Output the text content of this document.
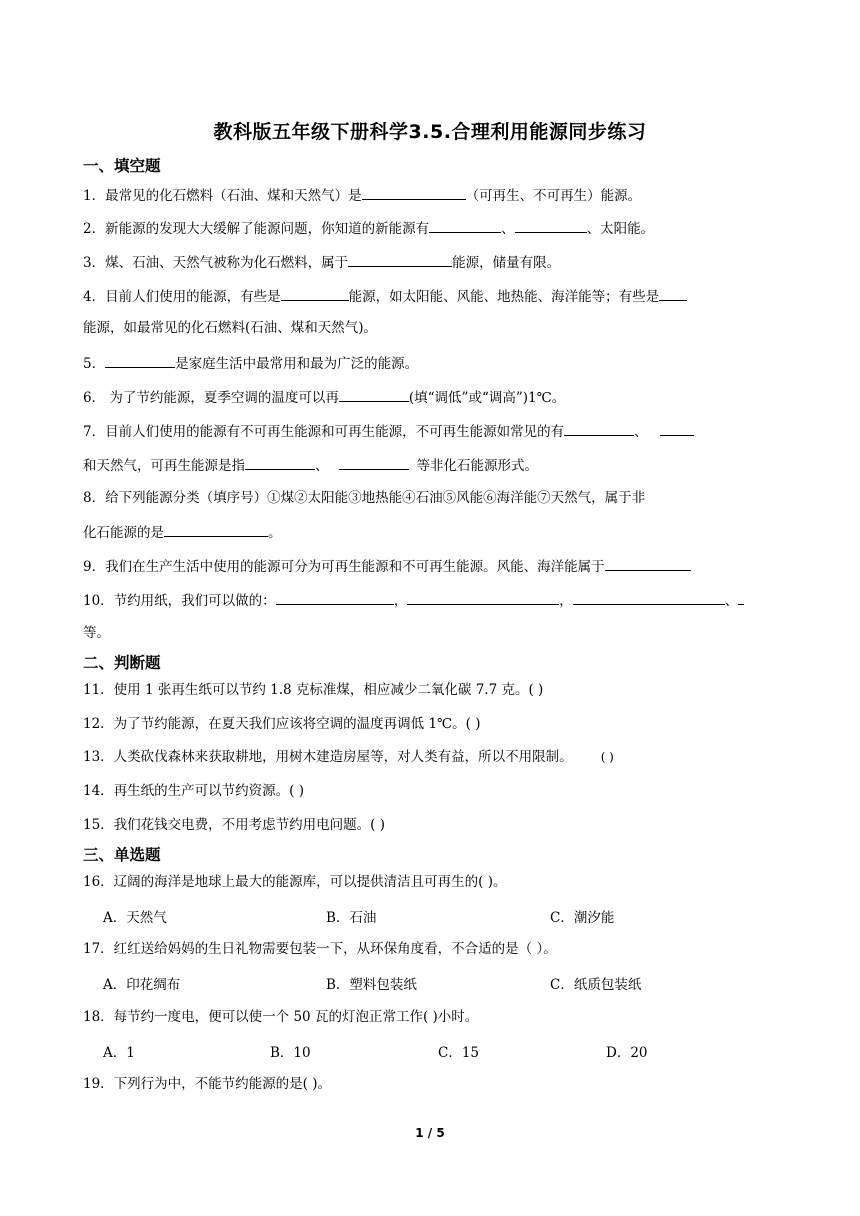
教科版五年级下册科学3.5.合理利用能源同步练习
一、填空题
1．最常见的化石燃料（石油、煤和天然气）是	（可再生、不可再生）能源。
2．新能源的发现大大缓解了能源问题，你知道的新能源有	、	、太阳能。
3．煤、石油、天然气被称为化石燃料，属于	能源，储量有限。
4．目前人们使用的能源，有些是	能源，如太阳能、风能、地热能、海洋能等；有些是
能源，如最常见的化石燃料(石油、煤和天然气)。
5．	是家庭生活中最常用和最为广泛的能源。
6． 为了节约能源，夏季空调的温度可以再	(填“调低”或“调高”)1℃。
7．目前人们使用的能源有不可再生能源和可再生能源，不可再生能源如常见的有	、
和天然气，可再生能源是指	、	等非化石能源形式。
8．给下列能源分类（填序号）①煤②太阳能③地热能④石油⑤风能⑥海洋能⑦天然气，属于非
化石能源的是	。
9．我们在生产生活中使用的能源可分为可再生能源和不可再生能源。风能、海洋能属于
10．节约用纸，我们可以做的：	，	，	、
等。
二、判断题
11．使用 1 张再生纸可以节约 1.8 克标准煤，相应减少二氧化碳 7.7 克。( )
12．为了节约能源，在夏天我们应该将空调的温度再调低 1℃。( )
13．人类砍伐森林来获取耕地，用树木建造房屋等，对人类有益，所以不用限制。 ( )
14．再生纸的生产可以节约资源。( )
15．我们花钱交电费，不用考虑节约用电问题。( )
三、单选题
16．辽阔的海洋是地球上最大的能源库，可以提供清洁且可再生的( )。
A．天然气	B．石油	C．潮汐能
17．红红送给妈妈的生日礼物需要包装一下，从环保角度看，不合适的是（ ）。
A．印花绸布	B．塑料包装纸	C．纸质包装纸
18．每节约一度电，便可以使一个 50 瓦的灯泡正常工作( )小时。
A．1	B．10	C．15	D．20
19．下列行为中，不能节约能源的是( )。
1 / 5
